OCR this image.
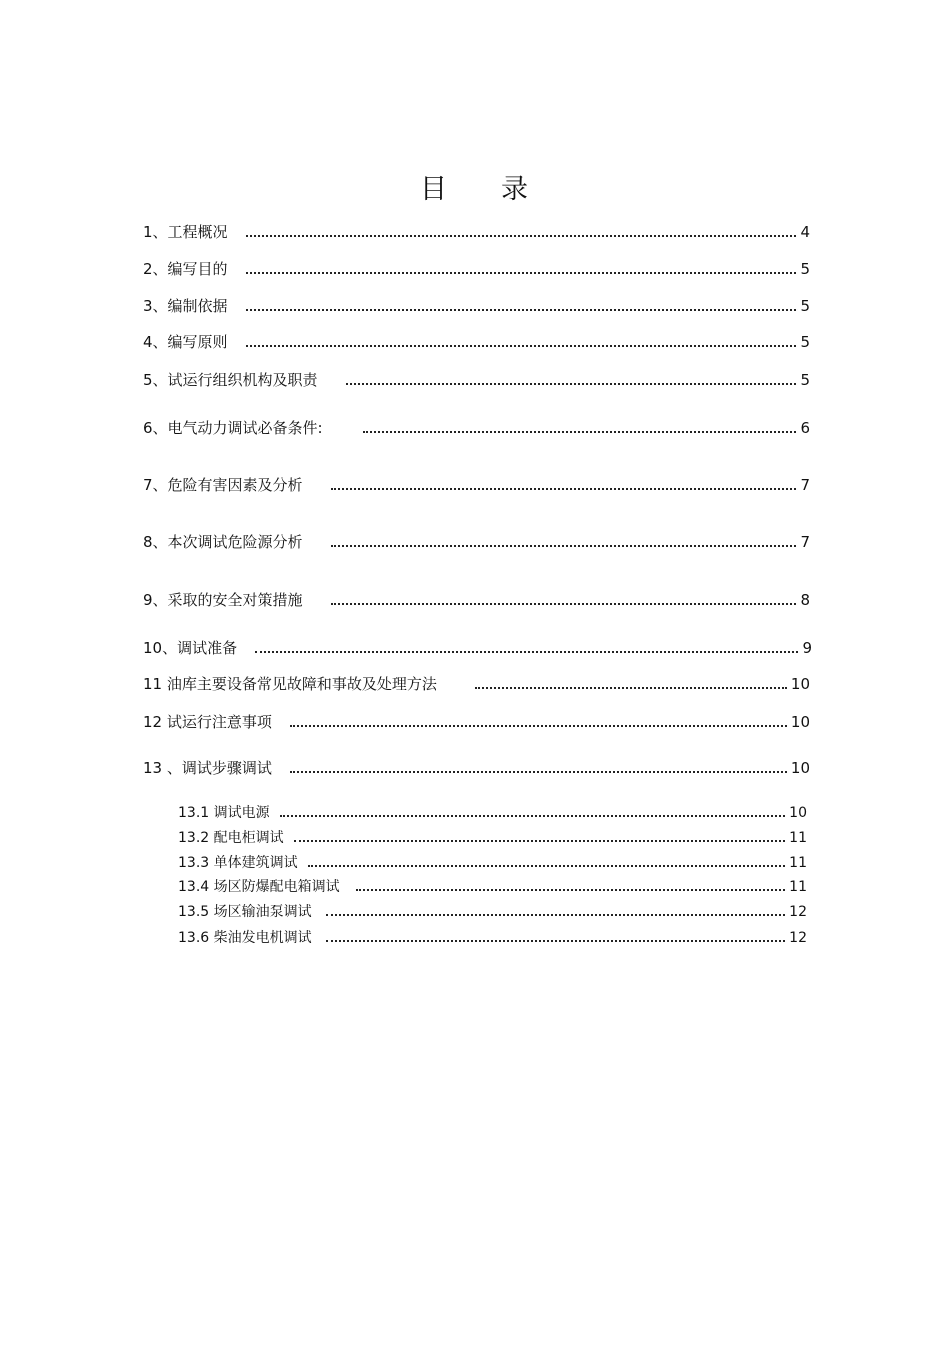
目 录
1、工程概况	4
2、编写目的	5
3、编制依据	5
4、编写原则	5
5、试运行组织机构及职责	5
6、电气动力调试必备条件:	6
7、危险有害因素及分析	7
8、本次调试危险源分析	7
9、采取的安全对策措施	8
10、调试准备	9
11 油库主要设备常见故障和事故及处理方法	10
12 试运行注意事项	10
13 、调试步骤调试	10
13.1 调试电源	10
13.2 配电柜调试	11
13.3 单体建筑调试	11
13.4 场区防爆配电箱调试	11
13.5 场区输油泵调试	12
13.6 柴油发电机调试	12
